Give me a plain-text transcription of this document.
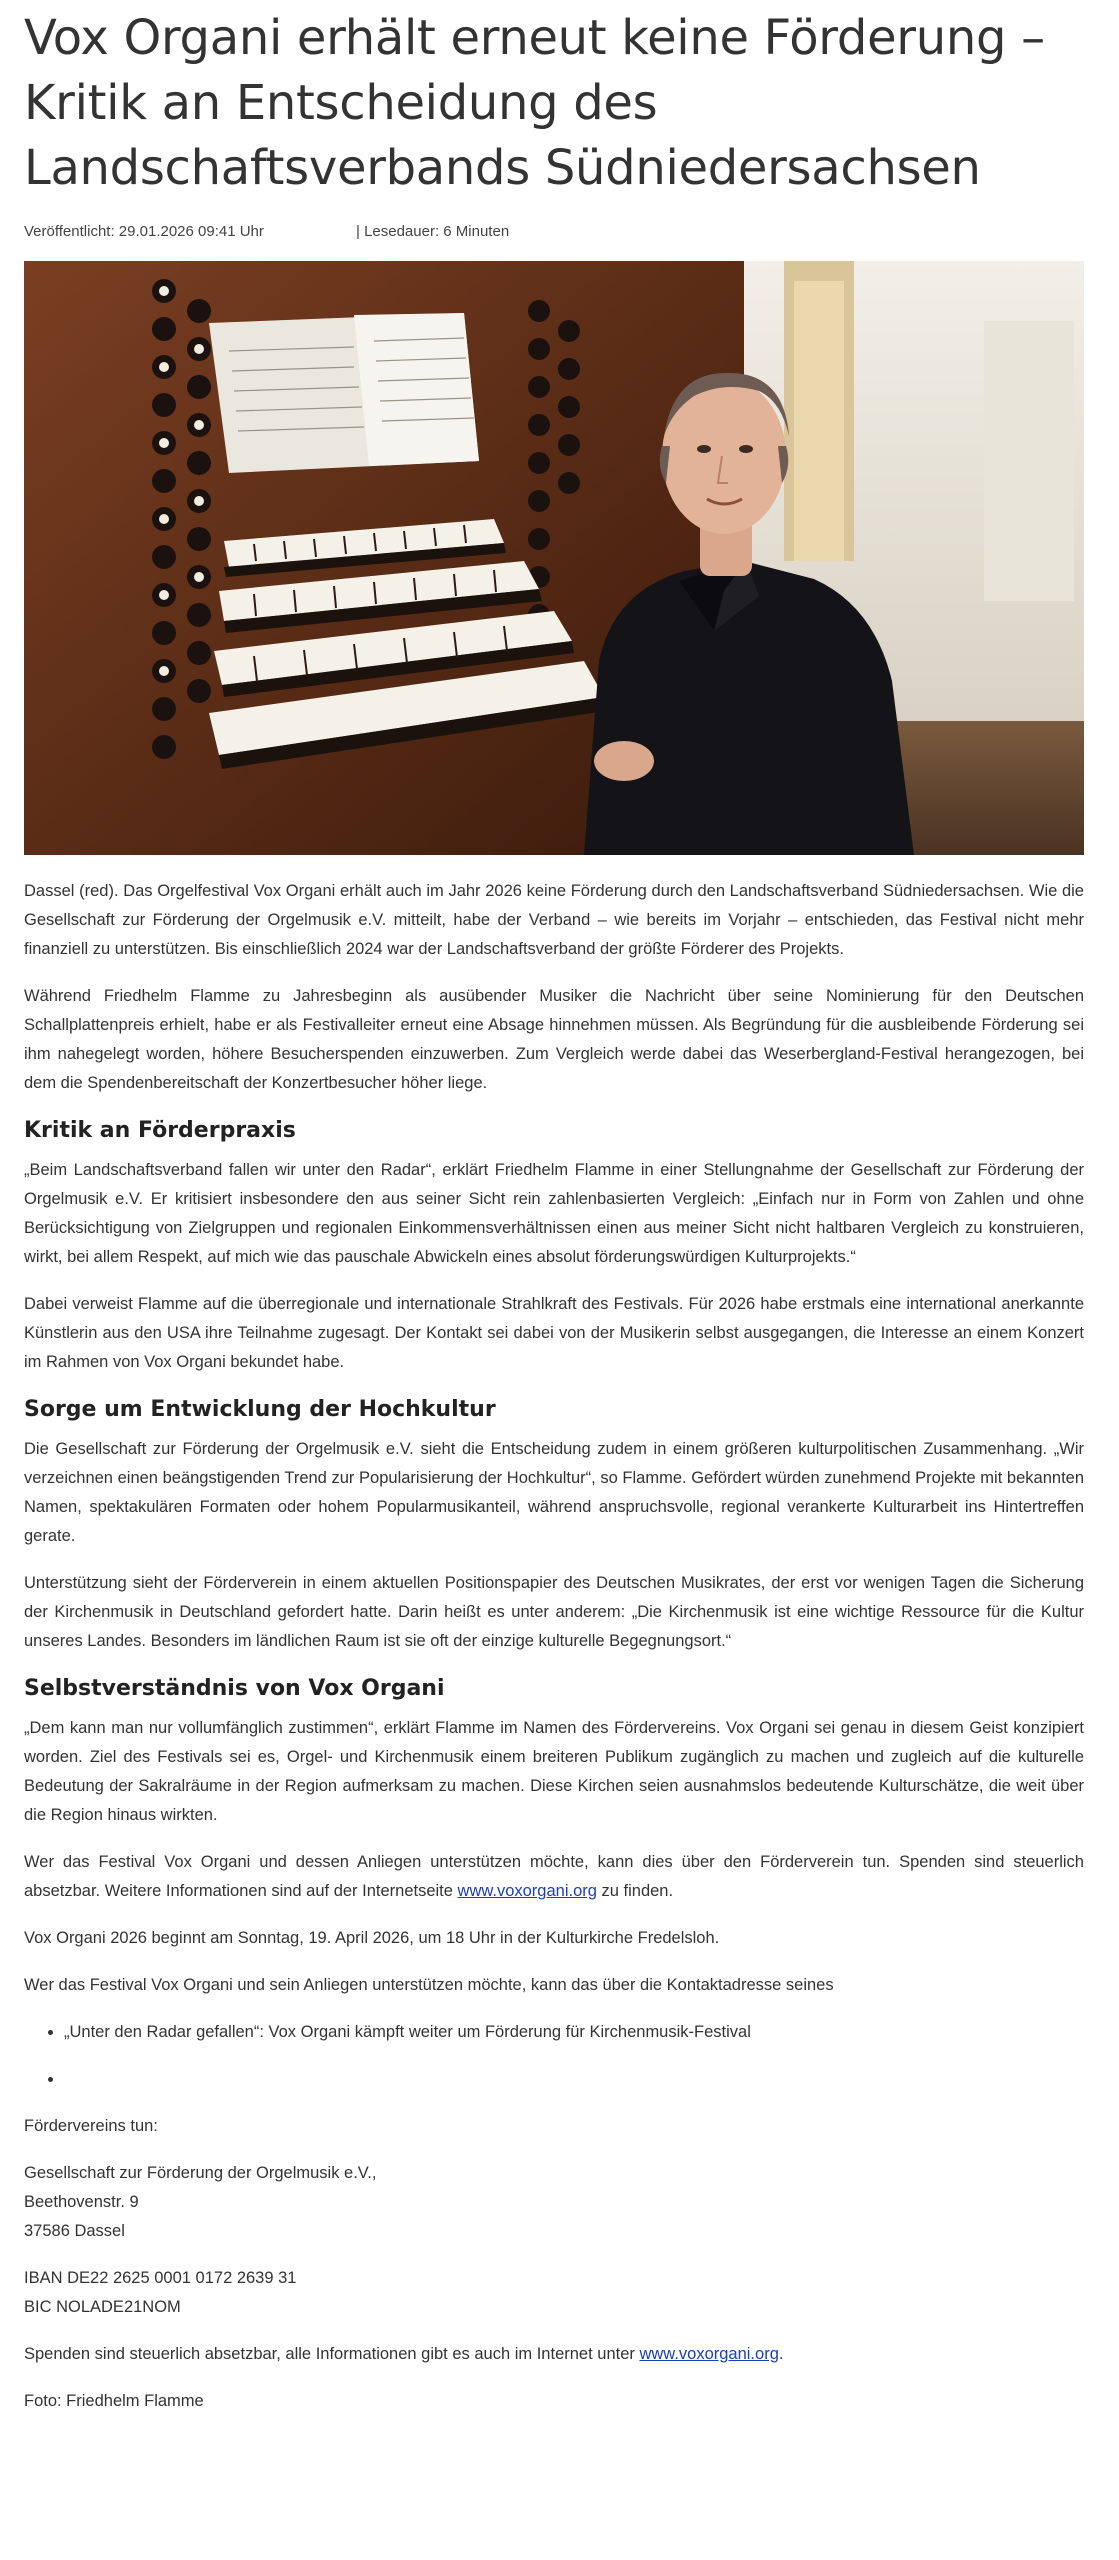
Vox Organi erhält erneut keine Förderung – Kritik an Entscheidung des Landschaftsverbands Südniedersachsen
Veröffentlicht: 29.01.2026 09:41 Uhr	| Lesedauer: 6 Minuten

Dassel (red). Das Orgelfestival Vox Organi erhält auch im Jahr 2026 keine Förderung durch den Landschaftsverband Südniedersachsen. Wie die Gesellschaft zur Förderung der Orgelmusik e.V. mitteilt, habe der Verband – wie bereits im Vorjahr – entschieden, das Festival nicht mehr finanziell zu unterstützen. Bis einschließlich 2024 war der Landschaftsverband der größte Förderer des Projekts.

Während Friedhelm Flamme zu Jahresbeginn als ausübender Musiker die Nachricht über seine Nominierung für den Deutschen Schallplattenpreis erhielt, habe er als Festivalleiter erneut eine Absage hinnehmen müssen. Als Begründung für die ausbleibende Förderung sei ihm nahegelegt worden, höhere Besucherspenden einzuwerben. Zum Vergleich werde dabei das Weserbergland-Festival herangezogen, bei dem die Spendenbereitschaft der Konzertbesucher höher liege.

Kritik an Förderpraxis

„Beim Landschaftsverband fallen wir unter den Radar“, erklärt Friedhelm Flamme in einer Stellungnahme der Gesellschaft zur Förderung der Orgelmusik e.V. Er kritisiert insbesondere den aus seiner Sicht rein zahlenbasierten Vergleich: „Einfach nur in Form von Zahlen und ohne Berücksichtigung von Zielgruppen und regionalen Einkommensverhältnissen einen aus meiner Sicht nicht haltbaren Vergleich zu konstruieren, wirkt, bei allem Respekt, auf mich wie das pauschale Abwickeln eines absolut förderungswürdigen Kulturprojekts.“

Dabei verweist Flamme auf die überregionale und internationale Strahlkraft des Festivals. Für 2026 habe erstmals eine international anerkannte Künstlerin aus den USA ihre Teilnahme zugesagt. Der Kontakt sei dabei von der Musikerin selbst ausgegangen, die Interesse an einem Konzert im Rahmen von Vox Organi bekundet habe.

Sorge um Entwicklung der Hochkultur

Die Gesellschaft zur Förderung der Orgelmusik e.V. sieht die Entscheidung zudem in einem größeren kulturpolitischen Zusammenhang. „Wir verzeichnen einen beängstigenden Trend zur Popularisierung der Hochkultur“, so Flamme. Gefördert würden zunehmend Projekte mit bekannten Namen, spektakulären Formaten oder hohem Popularmusikanteil, während anspruchsvolle, regional verankerte Kulturarbeit ins Hintertreffen gerate.

Unterstützung sieht der Förderverein in einem aktuellen Positionspapier des Deutschen Musikrates, der erst vor wenigen Tagen die Sicherung der Kirchenmusik in Deutschland gefordert hatte. Darin heißt es unter anderem: „Die Kirchenmusik ist eine wichtige Ressource für die Kultur unseres Landes. Besonders im ländlichen Raum ist sie oft der einzige kulturelle Begegnungsort.“

Selbstverständnis von Vox Organi

„Dem kann man nur vollumfänglich zustimmen“, erklärt Flamme im Namen des Fördervereins. Vox Organi sei genau in diesem Geist konzipiert worden. Ziel des Festivals sei es, Orgel- und Kirchenmusik einem breiteren Publikum zugänglich zu machen und zugleich auf die kulturelle Bedeutung der Sakralräume in der Region aufmerksam zu machen. Diese Kirchen seien ausnahmslos bedeutende Kulturschätze, die weit über die Region hinaus wirkten.

Wer das Festival Vox Organi und dessen Anliegen unterstützen möchte, kann dies über den Förderverein tun. Spenden sind steuerlich absetzbar. Weitere Informationen sind auf der Internetseite www.voxorgani.org zu finden.

Vox Organi 2026 beginnt am Sonntag, 19. April 2026, um 18 Uhr in der Kulturkirche Fredelsloh.

Wer das Festival Vox Organi und sein Anliegen unterstützen möchte, kann das über die Kontaktadresse seines

• „Unter den Radar gefallen“: Vox Organi kämpft weiter um Förderung für Kirchenmusik-Festival
•

Fördervereins tun:

Gesellschaft zur Förderung der Orgelmusik e.V.,
Beethovenstr. 9
37586 Dassel

IBAN DE22 2625 0001 0172 2639 31
BIC NOLADE21NOM

Spenden sind steuerlich absetzbar, alle Informationen gibt es auch im Internet unter www.voxorgani.org.

Foto: Friedhelm Flamme
